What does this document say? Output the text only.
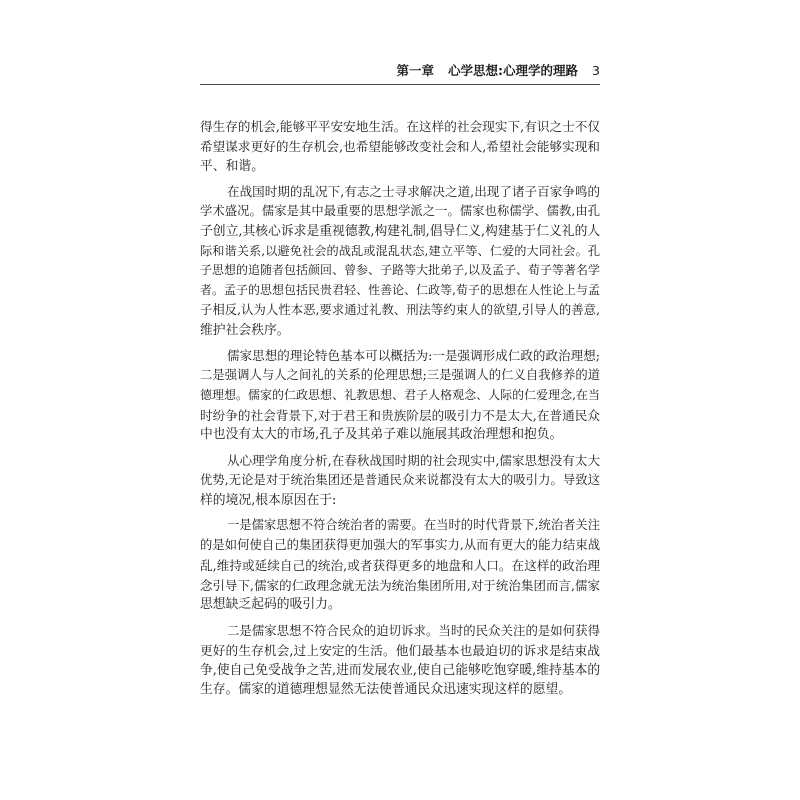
第一章 心学思想:心理学的理路 3
得生存的机会,能够平平安安地生活。在这样的社会现实下,有识之士不仅
希望谋求更好的生存机会,也希望能够改变社会和人,希望社会能够实现和
平、和谐。
在战国时期的乱况下,有志之士寻求解决之道,出现了诸子百家争鸣的
学术盛况。儒家是其中最重要的思想学派之一。儒家也称儒学、儒教,由孔
子创立,其核心诉求是重视德教,构建礼制,倡导仁义,构建基于仁义礼的人
际和谐关系,以避免社会的战乱或混乱状态,建立平等、仁爱的大同社会。孔
子思想的追随者包括颜回、曾参、子路等大批弟子,以及孟子、荀子等著名学
者。孟子的思想包括民贵君轻、性善论、仁政等,荀子的思想在人性论上与孟
子相反,认为人性本恶,要求通过礼教、刑法等约束人的欲望,引导人的善意,
维护社会秩序。
儒家思想的理论特色基本可以概括为:一是强调形成仁政的政治理想;
二是强调人与人之间礼的关系的伦理思想;三是强调人的仁义自我修养的道
德理想。儒家的仁政思想、礼教思想、君子人格观念、人际的仁爱理念,在当
时纷争的社会背景下,对于君王和贵族阶层的吸引力不是太大,在普通民众
中也没有太大的市场,孔子及其弟子难以施展其政治理想和抱负。
从心理学角度分析,在春秋战国时期的社会现实中,儒家思想没有太大
优势,无论是对于统治集团还是普通民众来说都没有太大的吸引力。导致这
样的境况,根本原因在于:
一是儒家思想不符合统治者的需要。在当时的时代背景下,统治者关注
的是如何使自己的集团获得更加强大的军事实力,从而有更大的能力结束战
乱,维持或延续自己的统治,或者获得更多的地盘和人口。在这样的政治理
念引导下,儒家的仁政理念就无法为统治集团所用,对于统治集团而言,儒家
思想缺乏起码的吸引力。
二是儒家思想不符合民众的迫切诉求。当时的民众关注的是如何获得
更好的生存机会,过上安定的生活。他们最基本也最迫切的诉求是结束战
争,使自己免受战争之苦,进而发展农业,使自己能够吃饱穿暖,维持基本的
生存。儒家的道德理想显然无法使普通民众迅速实现这样的愿望。
